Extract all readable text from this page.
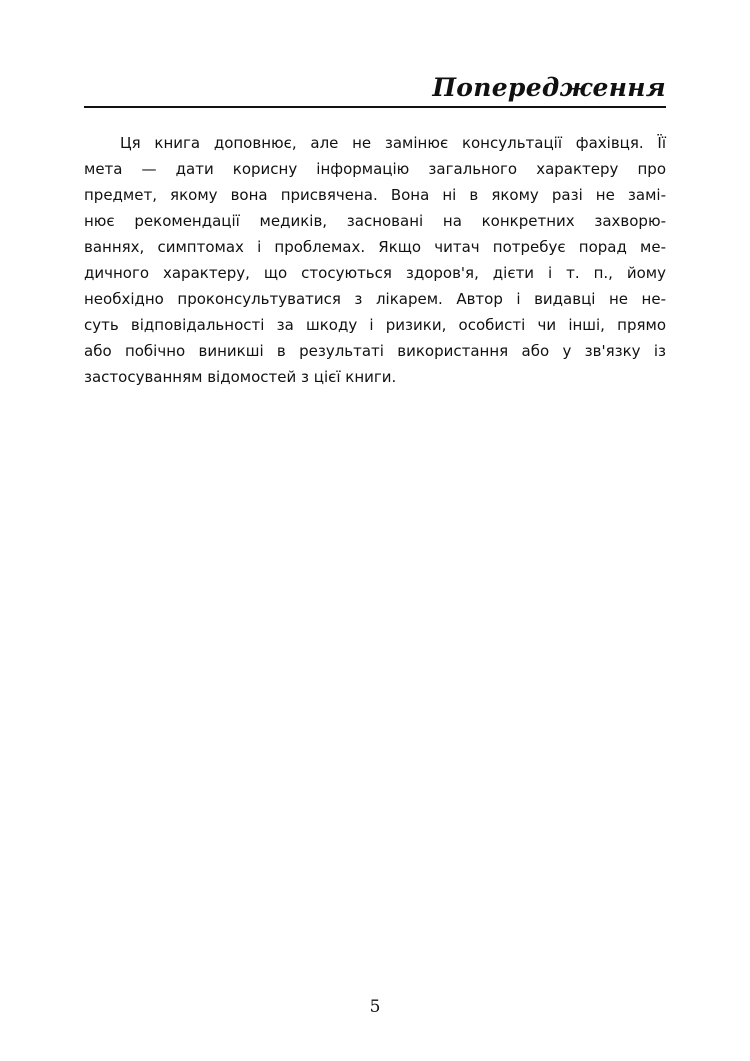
Попередження
Ця книга доповнює, але не замінює консультації фахівця. Її
мета — дати корисну інформацію загального характеру про
предмет, якому вона присвячена. Вона ні в якому разі не замі-
нює рекомендації медиків, засновані на конкретних захворю-
ваннях, симптомах і проблемах. Якщо читач потребує порад ме-
дичного характеру, що стосуються здоров'я, дієти і т. п., йому
необхідно проконсультуватися з лікарем. Автор і видавці не не-
суть відповідальності за шкоду і ризики, особисті чи інші, прямо
або побічно виникші в результаті використання або у зв'язку із
застосуванням відомостей з цієї книги.
5
